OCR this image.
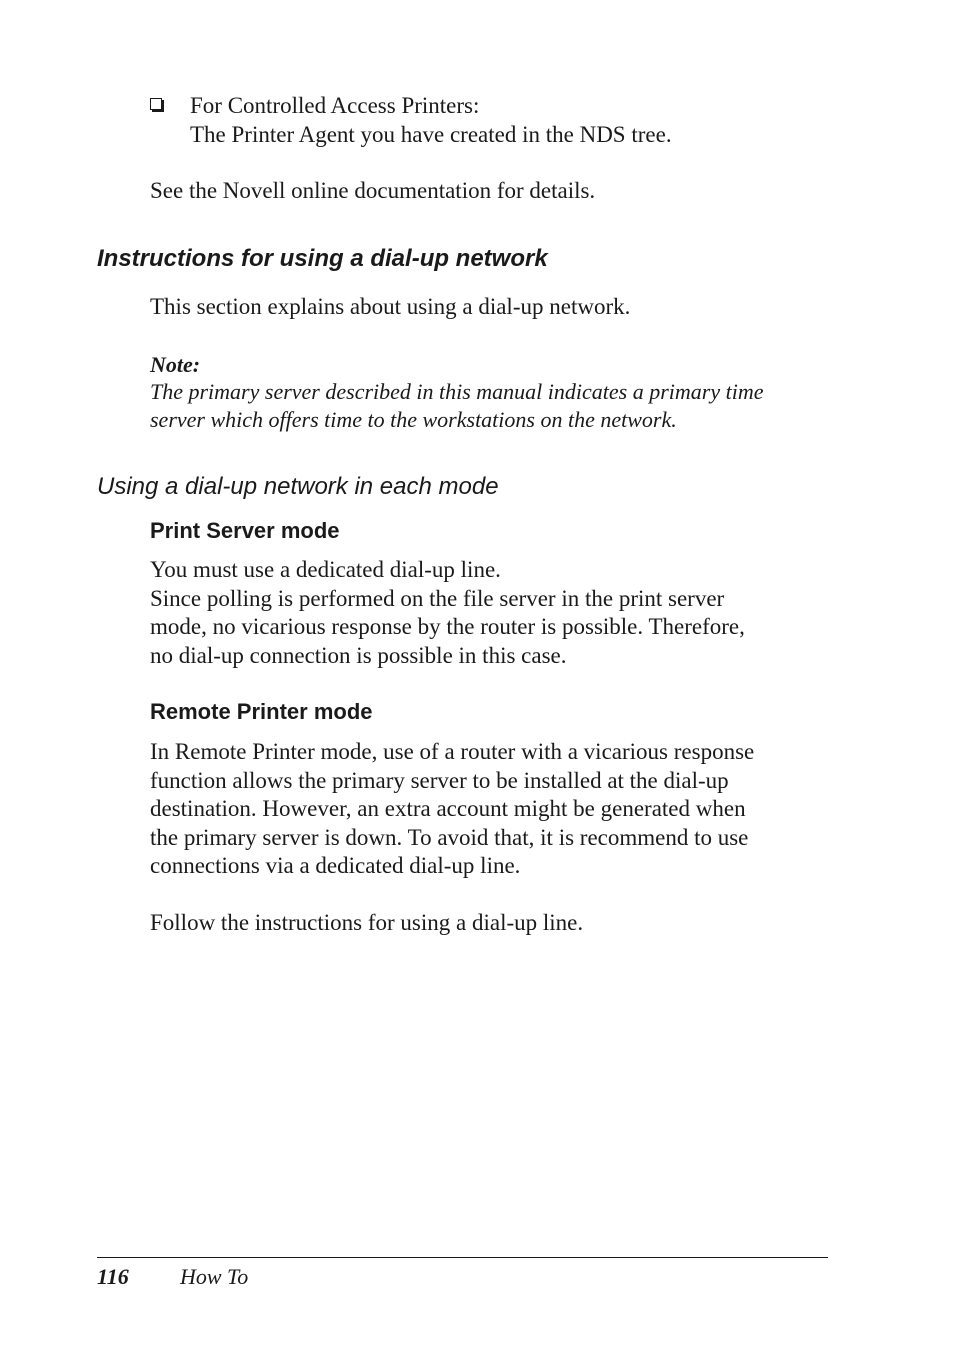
For Controlled Access Printers:
The Printer Agent you have created in the NDS tree.
See the Novell online documentation for details.
Instructions for using a dial-up network
This section explains about using a dial-up network.
Note:
The primary server described in this manual indicates a primary time
server which offers time to the workstations on the network.
Using a dial-up network in each mode
Print Server mode
You must use a dedicated dial-up line.
Since polling is performed on the file server in the print server
mode, no vicarious response by the router is possible. Therefore,
no dial-up connection is possible in this case.
Remote Printer mode
In Remote Printer mode, use of a router with a vicarious response
function allows the primary server to be installed at the dial-up
destination. However, an extra account might be generated when
the primary server is down. To avoid that, it is recommend to use
connections via a dedicated dial-up line.
Follow the instructions for using a dial-up line.
116 How To
